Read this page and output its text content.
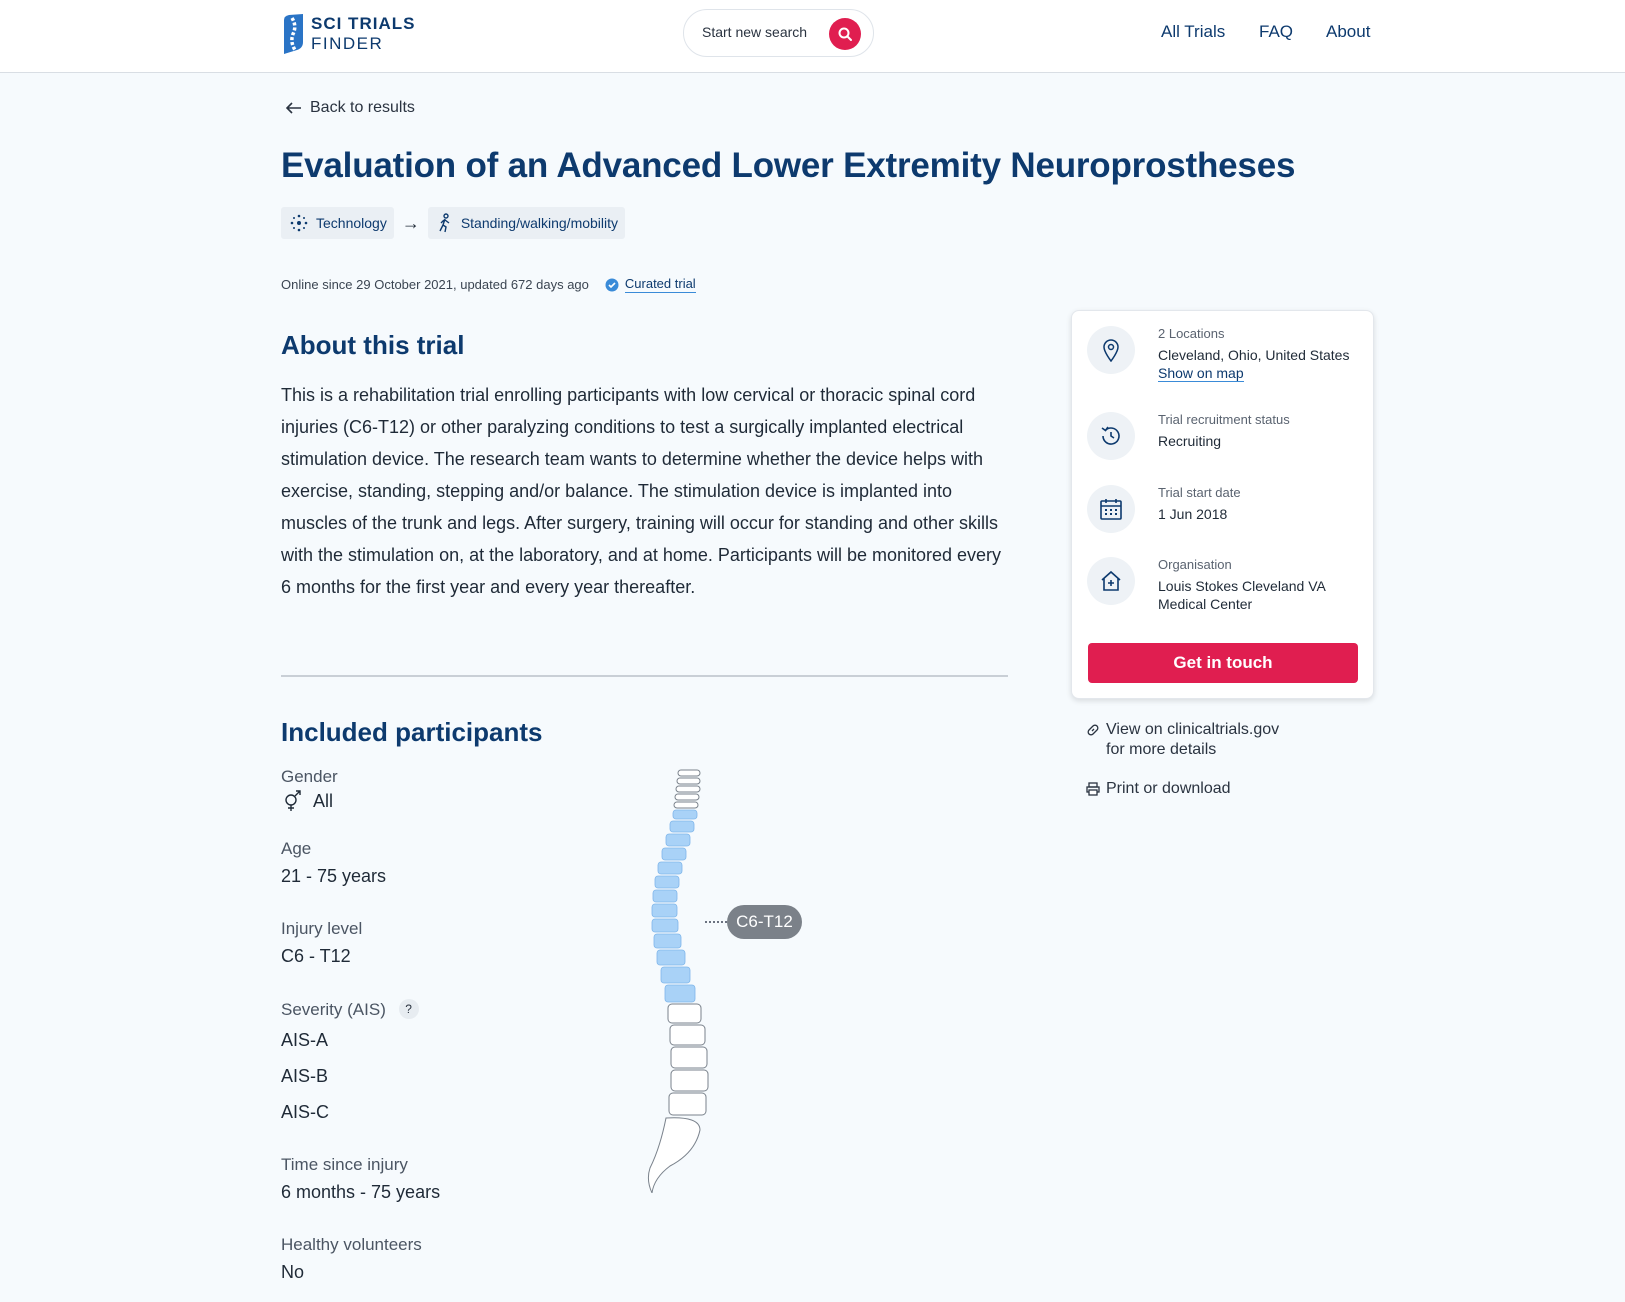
SCI TRIALS
FINDER
Start new search	All Trials FAQ About
Back to results
Evaluation of an Advanced Lower Extremity Neuroprostheses
Technology →	Standing/walking/mobility
Online since 29 October 2021, updated 672 days ago	Curated trial
About this trial

This is a rehabilitation trial enrolling participants with low cervical or thoracic spinal cord injuries (C6-T12) or other paralyzing conditions to test a surgically implanted electrical stimulation device. The research team wants to determine whether the device helps with exercise, standing, stepping and/or balance. The stimulation device is implanted into muscles of the trunk and legs. After surgery, training will occur for standing and other skills with the stimulation on, at the laboratory, and at home. Participants will be monitored every 6 months for the first year and every year thereafter.

Included participants
Gender
All
Age
21 - 75 years
Injury level
C6 - T12
Severity (AIS) ?
AIS-A
AIS-B
AIS-C
Time since injury
6 months - 75 years
Healthy volunteers
No
C6-T12
2 Locations
Cleveland, Ohio, United States
Show on map
Trial recruitment status
Recruiting
Trial start date
1 Jun 2018
Organisation
Louis Stokes Cleveland VA Medical Center
Get in touch
View on clinicaltrials.gov
for more details
Print or download
